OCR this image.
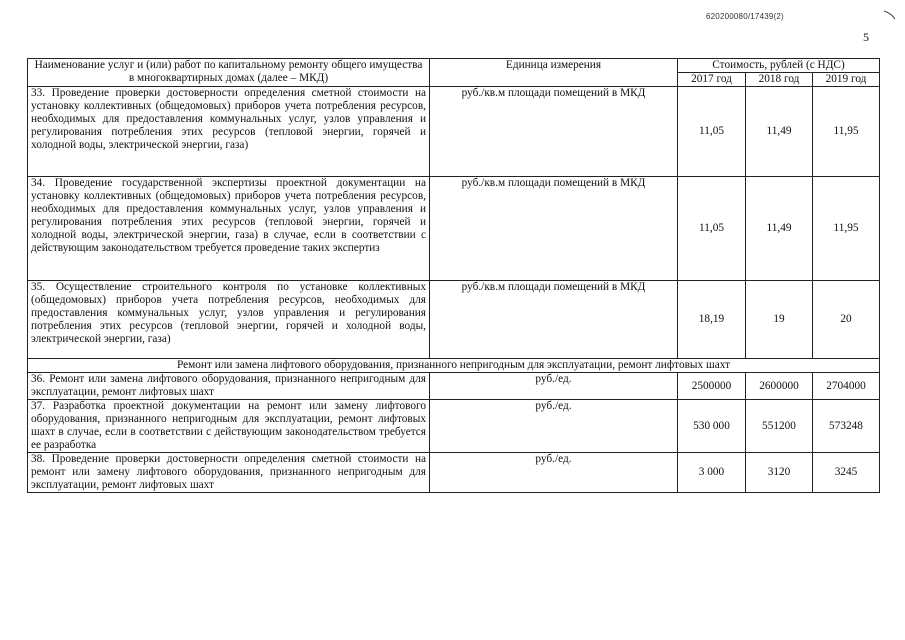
620200080/17439(2)
5
Наименование услуг и (или) работ по капитальному ремонту общего имущества в многоквартирных домах (далее – МКД)	Единица измерения	Стоимость, рублей (с НДС)		
		2017 год	2018 год	2019 год
33. Проведение проверки достоверности определения сметной стоимости на установку коллективных (общедомовых) приборов учета потребления ресурсов, необходимых для предоставления коммунальных услуг, узлов управления и регулирования потребления этих ресурсов (тепловой энергии, горячей и холодной воды, электрической энергии, газа)	руб./кв.м площади помещений в МКД	11,05	11,49	11,95
34. Проведение государственной экспертизы проектной документации на установку коллективных (общедомовых) приборов учета потребления ресурсов, необходимых для предоставления коммунальных услуг, узлов управления и регулирования потребления этих ресурсов (тепловой энергии, горячей и холодной воды, электрической энергии, газа) в случае, если в соответствии с действующим законодательством требуется проведение таких экспертиз	руб./кв.м площади помещений в МКД	11,05	11,49	11,95
35. Осуществление строительного контроля по установке коллективных (общедомовых) приборов учета потребления ресурсов, необходимых для предоставления коммунальных услуг, узлов управления и регулирования потребления этих ресурсов (тепловой энергии, горячей и холодной воды, электрической энергии, газа)	руб./кв.м площади помещений в МКД	18,19	19	20
Ремонт или замена лифтового оборудования, признанного непригодным для эксплуатации, ремонт лифтовых шахт				
36. Ремонт или замена лифтового оборудования, признанного непригодным для эксплуатации, ремонт лифтовых шахт	руб./ед.	2500000	2600000	2704000
37. Разработка проектной документации на ремонт или замену лифтового оборудования, признанного непригодным для эксплуатации, ремонт лифтовых шахт в случае, если в соответствии с действующим законодательством требуется ее разработка	руб./ед.	530 000	551200	573248
38. Проведение проверки достоверности определения сметной стоимости на ремонт или замену лифтового оборудования, признанного непригодным для эксплуатации, ремонт лифтовых шахт	руб./ед.	3 000	3120	3245
